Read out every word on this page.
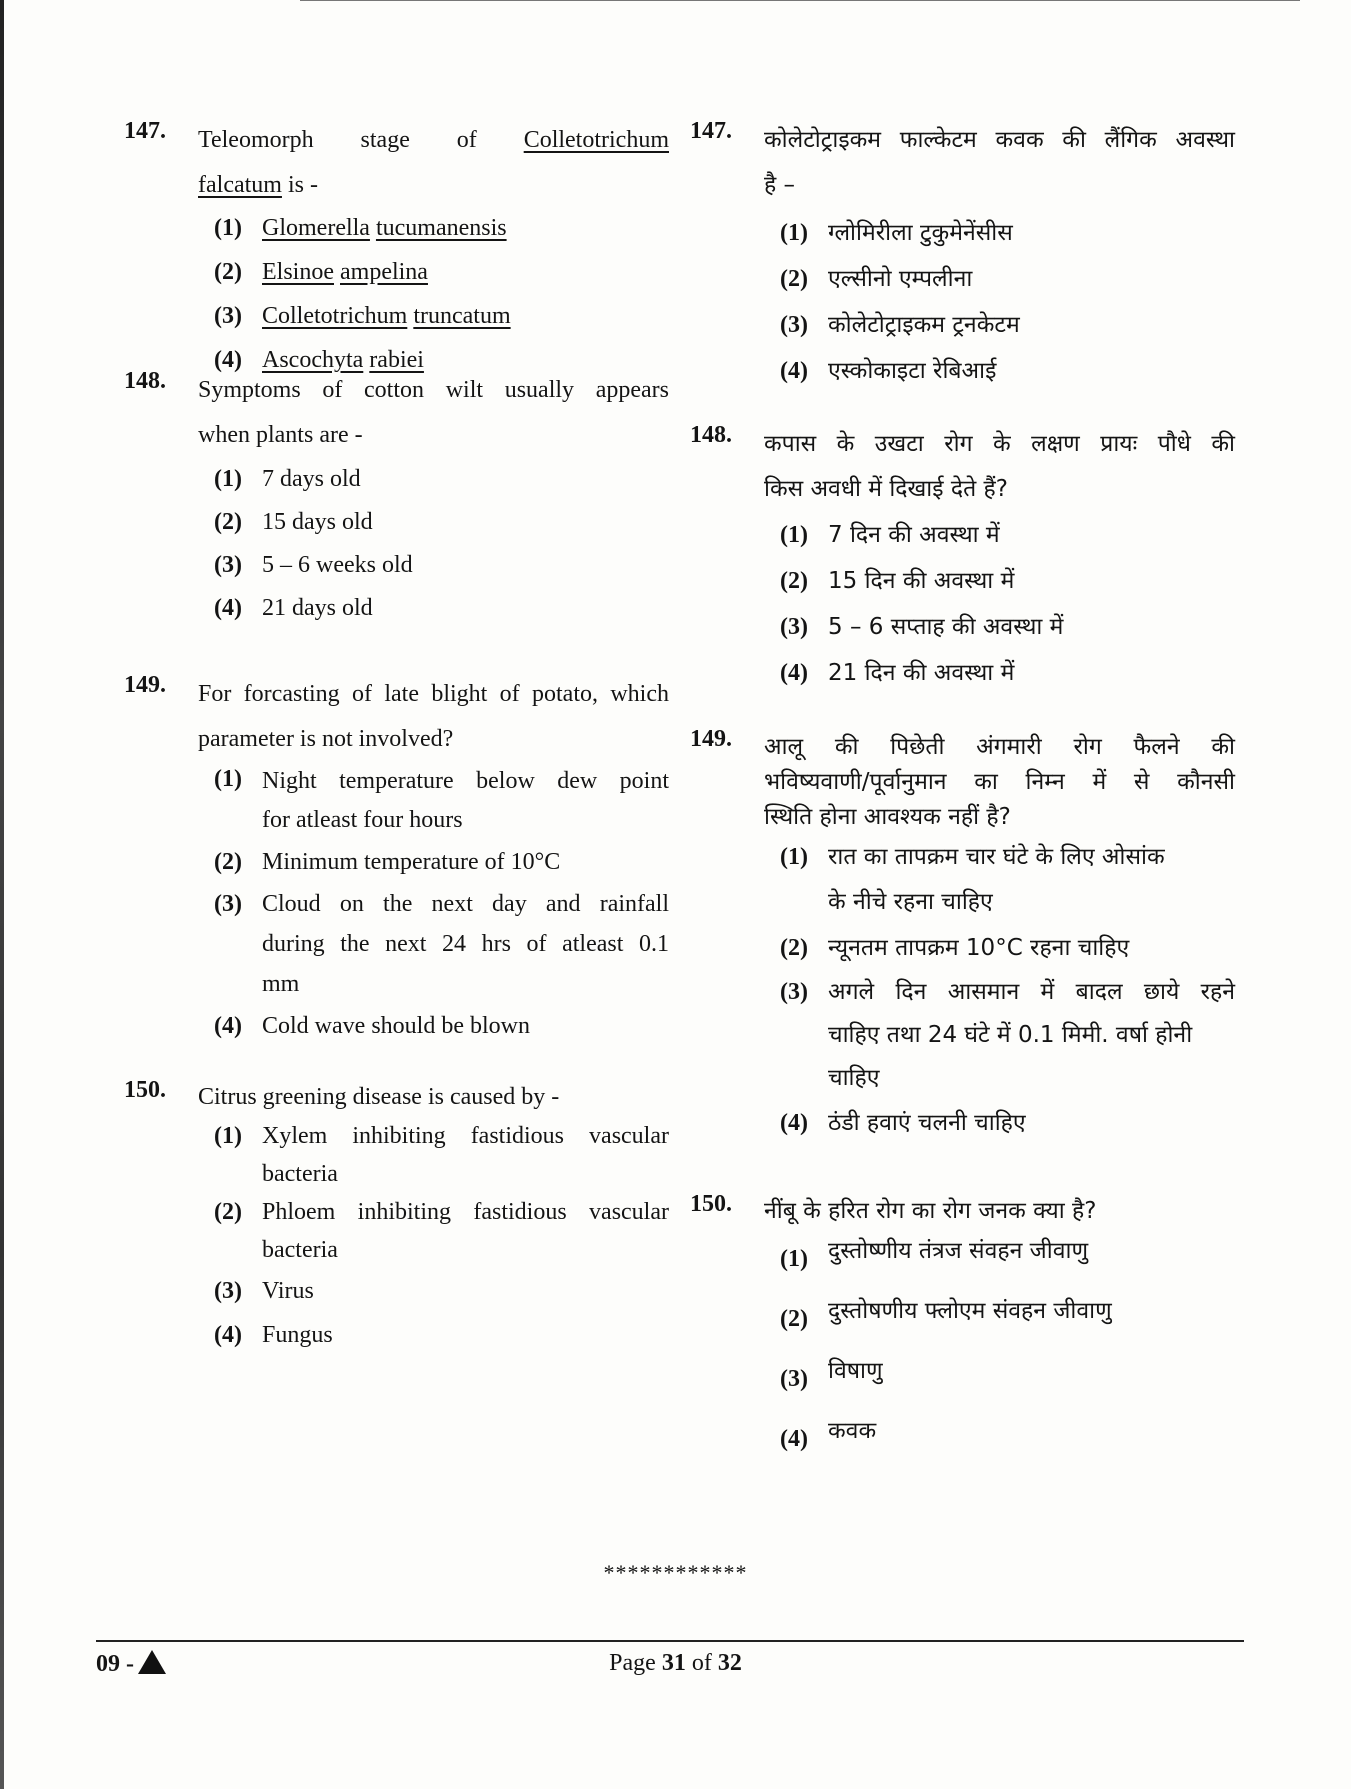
147. Teleomorph stage of Colletotrichum
falcatum is -
(1) Glomerella tucumanensis
(2) Elsinoe ampelina
(3) Colletotrichum truncatum
(4) Ascochyta rabiei
148. Symptoms of cotton wilt usually appears
when plants are -
(1) 7 days old
(2) 15 days old
(3) 5 – 6 weeks old
(4) 21 days old
149. For forcasting of late blight of potato, which
parameter is not involved?
(1) Night temperature below dew point
for atleast four hours
(2) Minimum temperature of 10°C
(3) Cloud on the next day and rainfall
during the next 24 hrs of atleast 0.1
mm
(4) Cold wave should be blown
150. Citrus greening disease is caused by -
(1) Xylem inhibiting fastidious vascular
bacteria
(2) Phloem inhibiting fastidious vascular
bacteria
(3) Virus
(4) Fungus
147. कोलेटोट्राइकम फाल्केटम कवक की लैंगिक अवस्था
है –
(1) ग्लोमिरीला टुकुमेनेंसीस
(2) एल्सीनो एम्पलीना
(3) कोलेटोट्राइकम ट्रनकेटम
(4) एस्कोकाइटा रेबिआई
148. कपास के उखटा रोग के लक्षण प्रायः पौधे की
किस अवधी में दिखाई देते हैं?
(1) 7 दिन की अवस्था में
(2) 15 दिन की अवस्था में
(3) 5 – 6 सप्ताह की अवस्था में
(4) 21 दिन की अवस्था में
149. आलू की पिछेती अंगमारी रोग फैलने की
भविष्यवाणी/पूर्वानुमान का निम्न में से कौनसी
स्थिति होना आवश्यक नहीं है?
(1) रात का तापक्रम चार घंटे के लिए ओसांक
के नीचे रहना चाहिए
(2) न्यूनतम तापक्रम 10°C रहना चाहिए
(3) अगले दिन आसमान में बादल छाये रहने
चाहिए तथा 24 घंटे में 0.1 मिमी. वर्षा होनी
चाहिए
(4) ठंडी हवाएं चलनी चाहिए
150. नींबू के हरित रोग का रोग जनक क्या है?
(1) दुस्तोष्णीय तंत्रज संवहन जीवाणु
(2) दुस्तोषणीय फ्लोएम संवहन जीवाणु
(3) विषाणु
(4) कवक
************
09 -	Page 31 of 32
